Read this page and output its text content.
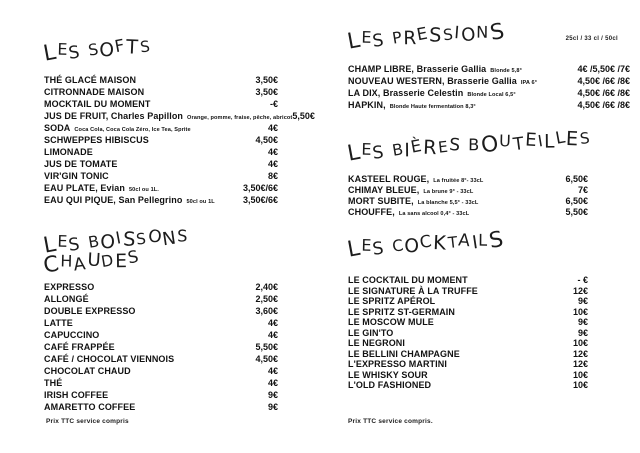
LES SOFTS
THÉ GLACÉ MAISON	3,50€
CITRONNADE MAISON	3,50€
MOCKTAIL DU MOMENT	-€
JUS DE FRUIT, Charles Papillon Orange, pomme, fraise, pêche, abricot 5,50€
SODA Coca Cola, Coca Cola Zéro, Ice Tea, Sprite	4€
SCHWEPPES HIBISCUS	4,50€
LIMONADE	4€
JUS DE TOMATE	4€
VIR'GIN TONIC	8€
EAU PLATE, Evian 50cl ou 1L.	3,50€/6€
EAU QUI PIQUE, San Pellegrino 50cl ou 1L	3,50€/6€
LES BOISSONS
CHAUDES
EXPRESSO	2,40€
ALLONGÉ	2,50€
DOUBLE EXPRESSO	3,60€
LATTE	4€
CAPUCCINO	4€
CAFÉ FRAPPÉE	5,50€
CAFÉ / CHOCOLAT VIENNOIS	4,50€
CHOCOLAT CHAUD	4€
THÉ	4€
IRISH COFFEE	9€
AMARETTO COFFEE	9€
LES PRESSIONS	25cl / 33 cl / 50cl
CHAMP LIBRE, Brasserie Gallia Blonde 5,8°	4€ /5,50€ /7€
NOUVEAU WESTERN, Brasserie Gallia IPA 6°	4,50€ /6€ /8€
LA DIX, Brasserie Celestin Blonde Local 6,5°	4,50€ /6€ /8€
HAPKIN, Blonde Haute fermentation 8,3°	4,50€ /6€ /8€
LES BIÈRES BOUTEILLES
KASTEEL ROUGE, La fruitée 8°- 33cL	6,50€
CHIMAY BLEUE, La brune 9° - 33cL	7€
MORT SUBITE, La blanche 5,5° - 33cL	6,50€
CHOUFFE, La sans alcool 0,4° - 33cL	5,50€
LES COCKTAILS
LE COCKTAIL DU MOMENT	- €
LE SIGNATURE À LA TRUFFE	12€
LE SPRITZ APÉROL	9€
LE SPRITZ ST-GERMAIN	10€
LE MOSCOW MULE	9€
LE GIN'TO	9€
LE NEGRONI	10€
LE BELLINI CHAMPAGNE	12€
L'EXPRESSO MARTINI	12€
LE WHISKY SOUR	10€
L'OLD FASHIONED	10€
Prix TTC service compris	Prix TTC service compris.
